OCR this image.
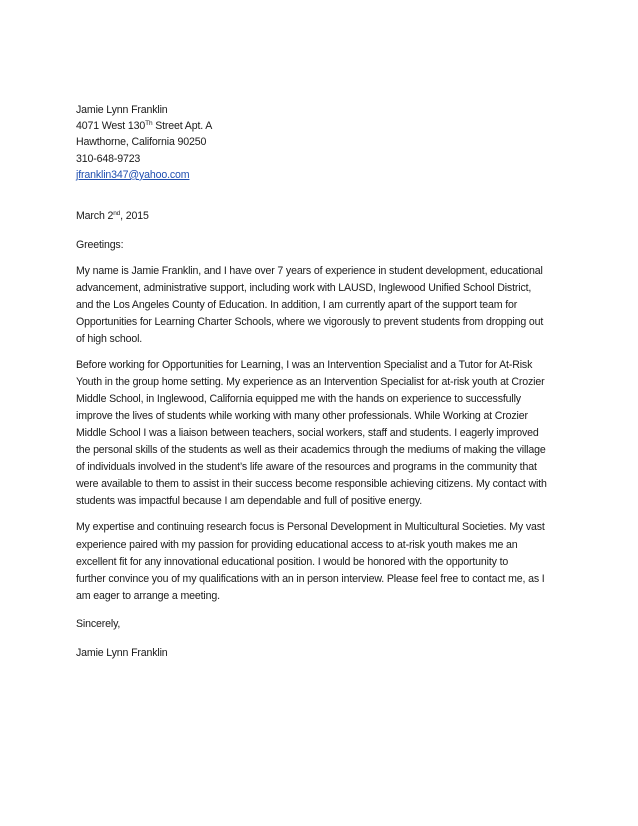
Jamie Lynn Franklin
4071 West 130Th Street Apt. A
Hawthorne, California 90250
310-648-9723
jfranklin347@yahoo.com
March 2nd, 2015
Greetings:
My name is Jamie Franklin, and I have over 7 years of experience in student development, educational
advancement, administrative support, including work with LAUSD, Inglewood Unified School District,
and the Los Angeles County of Education. In addition, I am currently apart of the support team for
Opportunities for Learning Charter Schools, where we vigorously to prevent students from dropping out
of high school.
Before working for Opportunities for Learning, I was an Intervention Specialist and a Tutor for At-Risk
Youth in the group home setting. My experience as an Intervention Specialist for at-risk youth at Crozier
Middle School, in Inglewood, California equipped me with the hands on experience to successfully
improve the lives of students while working with many other professionals. While Working at Crozier
Middle School I was a liaison between teachers, social workers, staff and students. I eagerly improved
the personal skills of the students as well as their academics through the mediums of making the village
of individuals involved in the student’s life aware of the resources and programs in the community that
were available to them to assist in their success become responsible achieving citizens. My contact with
students was impactful because I am dependable and full of positive energy.
My expertise and continuing research focus is Personal Development in Multicultural Societies. My vast
experience paired with my passion for providing educational access to at-risk youth makes me an
excellent fit for any innovational educational position. I would be honored with the opportunity to
further convince you of my qualifications with an in person interview. Please feel free to contact me, as I
am eager to arrange a meeting.
Sincerely,
Jamie Lynn Franklin
